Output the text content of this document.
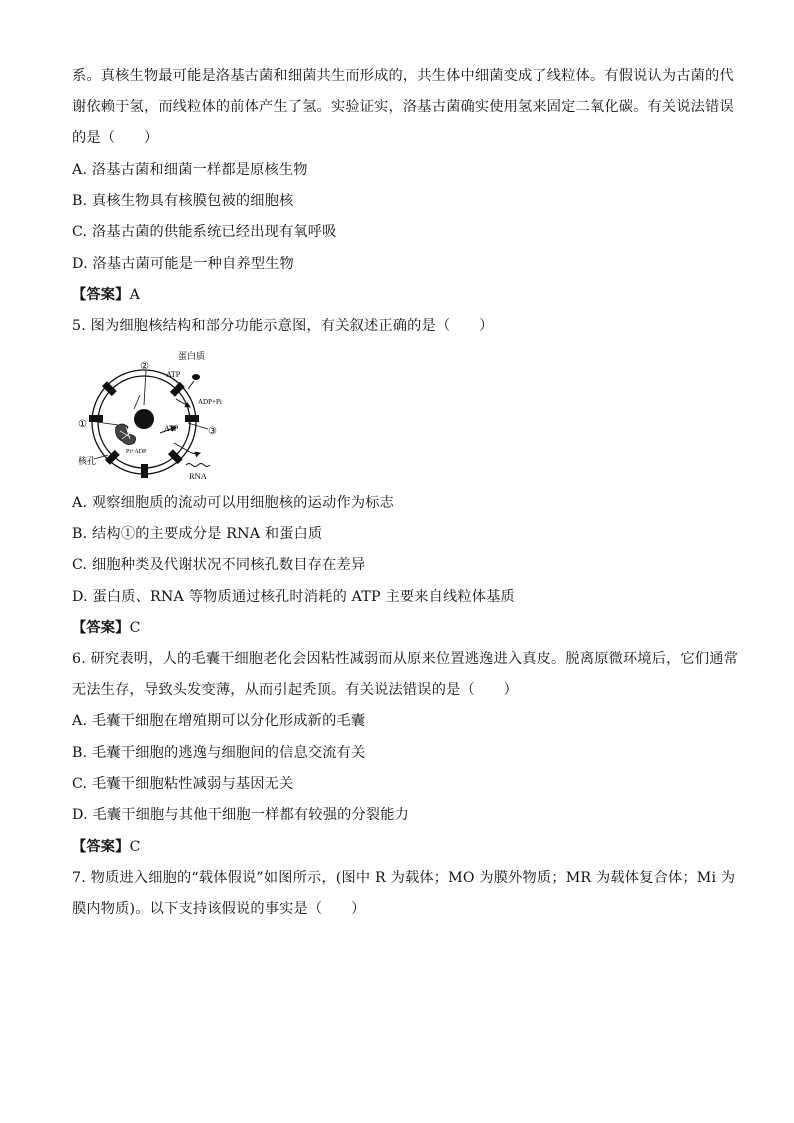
系。真核生物最可能是洛基古菌和细菌共生而形成的，共生体中细菌变成了线粒体。有假说认为古菌的代
谢依赖于氢，而线粒体的前体产生了氢。实验证实，洛基古菌确实使用氢来固定二氧化碳。有关说法错误
的是（　　）
A. 洛基古菌和细菌一样都是原核生物
B. 真核生物具有核膜包被的细胞核
C. 洛基古菌的供能系统已经出现有氧呼吸
D. 洛基古菌可能是一种自养型生物
【答案】A
5. 图为细胞核结构和部分功能示意图，有关叙述正确的是（　　）
蛋白质
ATP
ADP+Pi
ATP
Pi+ADP
RNA
核孔
①
②
③
A. 观察细胞质的流动可以用细胞核的运动作为标志
B. 结构①的主要成分是 RNA 和蛋白质
C. 细胞种类及代谢状况不同核孔数目存在差异
D. 蛋白质、RNA 等物质通过核孔时消耗的 ATP 主要来自线粒体基质
【答案】C
6. 研究表明，人的毛囊干细胞老化会因粘性减弱而从原来位置逃逸进入真皮。脱离原微环境后，它们通常
无法生存，导致头发变薄，从而引起秃顶。有关说法错误的是（　　）
A. 毛囊干细胞在增殖期可以分化形成新的毛囊
B. 毛囊干细胞的逃逸与细胞间的信息交流有关
C. 毛囊干细胞粘性减弱与基因无关
D. 毛囊干细胞与其他干细胞一样都有较强的分裂能力
【答案】C
7. 物质进入细胞的“载体假说”如图所示，(图中 R 为载体；MO 为膜外物质；MR 为载体复合体；Mi 为
膜内物质)。以下支持该假说的事实是（　　）
